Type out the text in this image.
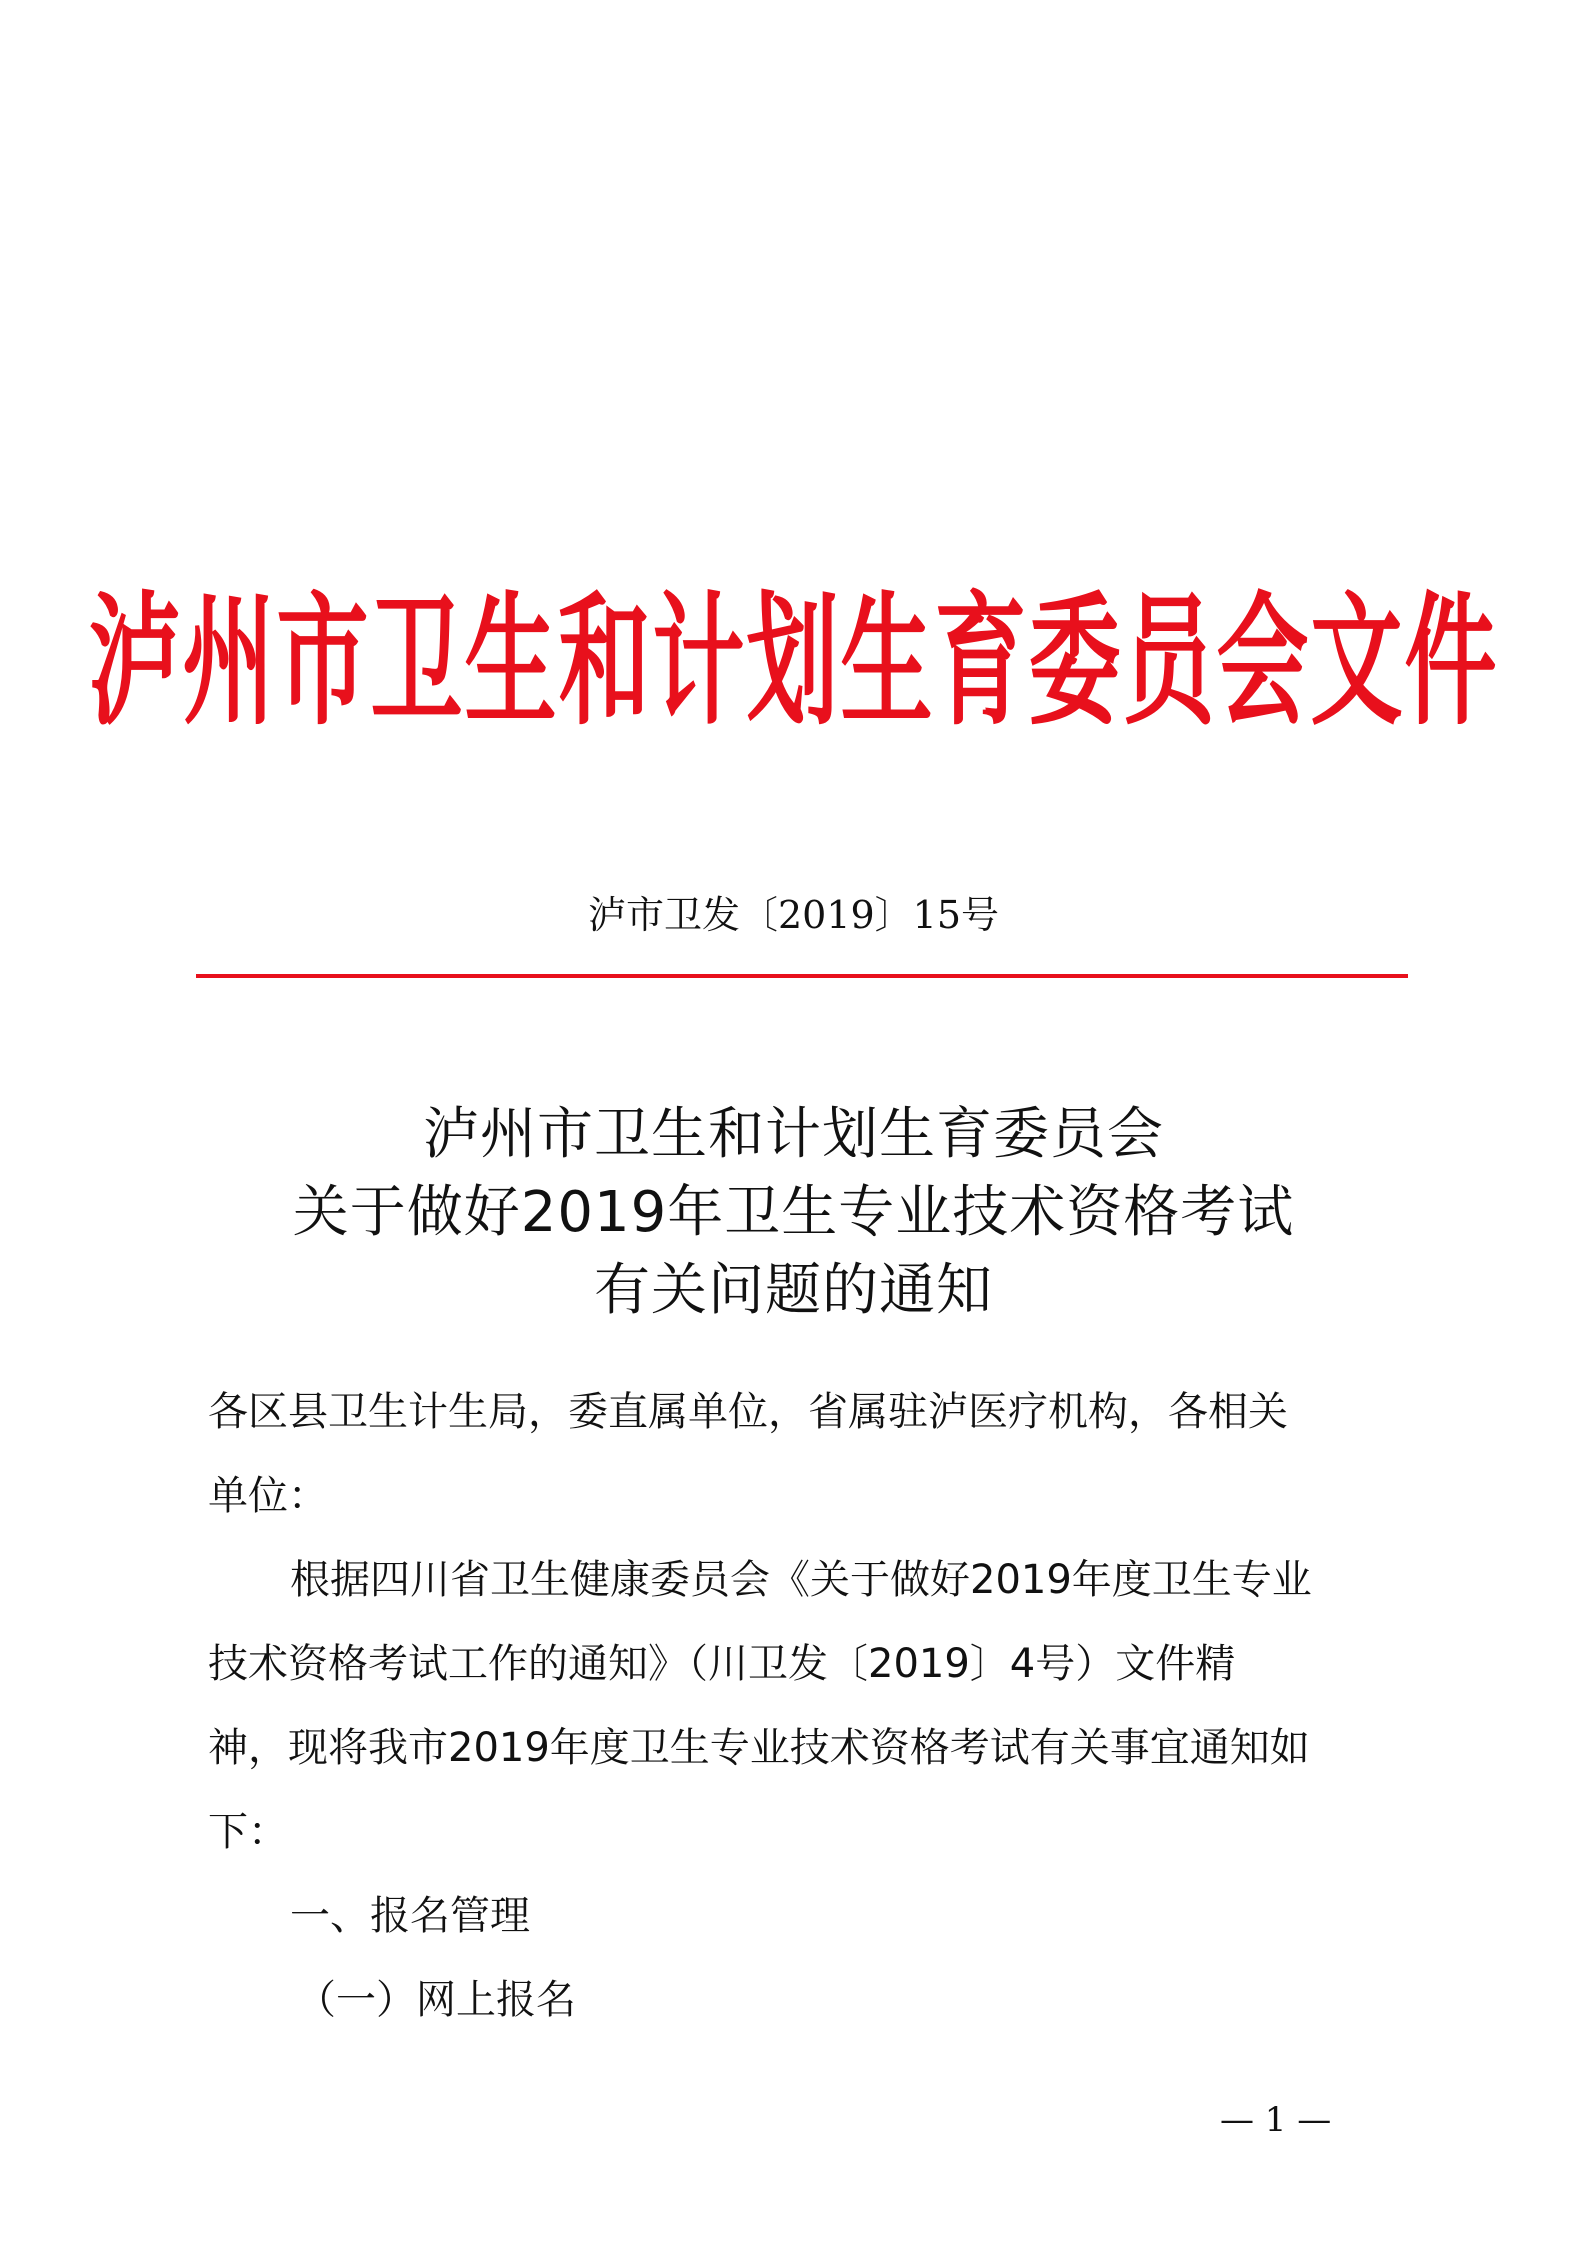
泸州市卫生和计划生育委员会文件
泸市卫发〔2019〕15号
泸州市卫生和计划生育委员会
关于做好2019年卫生专业技术资格考试
有关问题的通知
各区县卫生计生局，委直属单位，省属驻泸医疗机构，各相关
单位：
根据四川省卫生健康委员会《关于做好2019年度卫生专业
技术资格考试工作的通知》（川卫发〔2019〕4号）文件精
神，现将我市2019年度卫生专业技术资格考试有关事宜通知如
下：
一、报名管理
（一）网上报名
— 1 —
